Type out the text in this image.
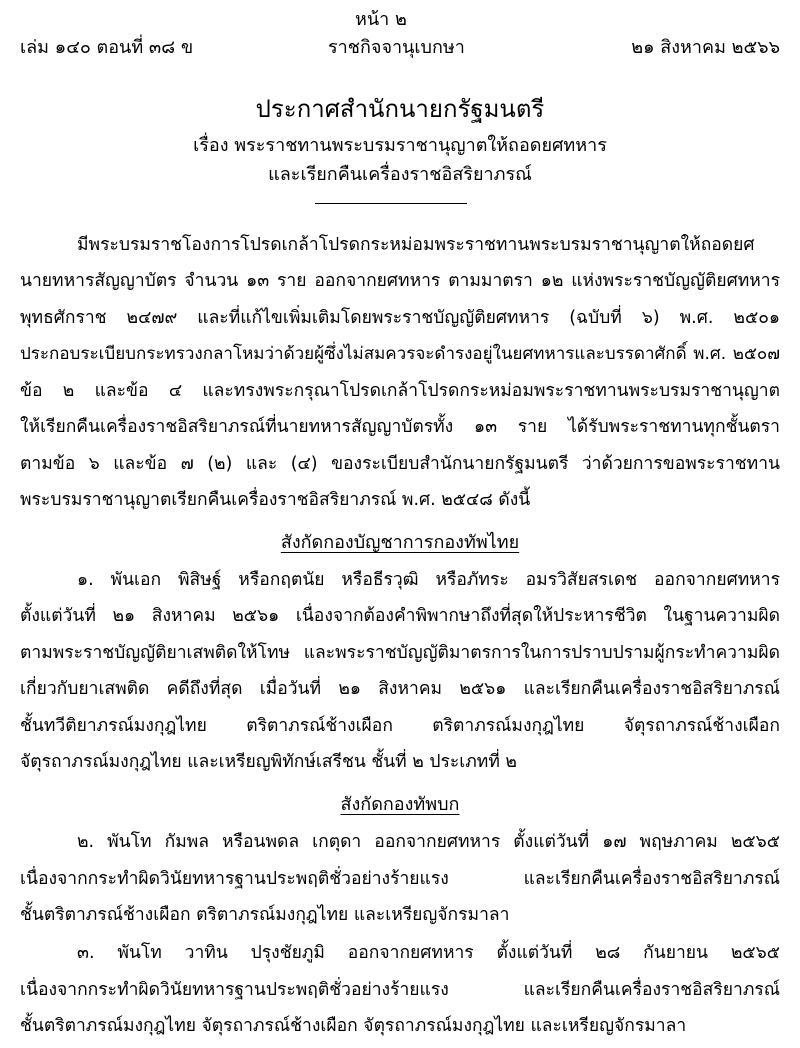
หน้า ๒
เล่ม ๑๔๐ ตอนที่ ๓๘ ข	ราชกิจจานุเบกษา	๒๑ สิงหาคม ๒๕๖๖
ประกาศสำนักนายกรัฐมนตรี
เรื่อง พระราชทานพระบรมราชานุญาตให้ถอดยศทหาร
และเรียกคืนเครื่องราชอิสริยาภรณ์
มีพระบรมราชโองการโปรดเกล้าโปรดกระหม่อมพระราชทานพระบรมราชานุญาตให้ถอดยศ
นายทหารสัญญาบัตร จำนวน ๑๓ ราย ออกจากยศทหาร ตามมาตรา ๑๒ แห่งพระราชบัญญัติยศทหาร
พุทธศักราช ๒๔๗๙ และที่แก้ไขเพิ่มเติมโดยพระราชบัญญัติยศทหาร (ฉบับที่ ๖) พ.ศ. ๒๕๐๑
ประกอบระเบียบกระทรวงกลาโหมว่าด้วยผู้ซึ่งไม่สมควรจะดำรงอยู่ในยศทหารและบรรดาศักดิ์ พ.ศ. ๒๕๐๗
ข้อ ๒ และข้อ ๔ และทรงพระกรุณาโปรดเกล้าโปรดกระหม่อมพระราชทานพระบรมราชานุญาต
ให้เรียกคืนเครื่องราชอิสริยาภรณ์ที่นายทหารสัญญาบัตรทั้ง ๑๓ ราย ได้รับพระราชทานทุกชั้นตรา
ตามข้อ ๖ และข้อ ๗ (๒) และ (๔) ของระเบียบสำนักนายกรัฐมนตรี ว่าด้วยการขอพระราชทาน
พระบรมราชานุญาตเรียกคืนเครื่องราชอิสริยาภรณ์ พ.ศ. ๒๕๔๘ ดังนี้
สังกัดกองบัญชาการกองทัพไทย
๑. พันเอก พิสิษฐ์ หรือกฤตนัย หรือธีรวุฒิ หรือภัทระ อมรวิสัยสรเดช ออกจากยศทหาร
ตั้งแต่วันที่ ๒๑ สิงหาคม ๒๕๖๑ เนื่องจากต้องคำพิพากษาถึงที่สุดให้ประหารชีวิต ในฐานความผิด
ตามพระราชบัญญัติยาเสพติดให้โทษ และพระราชบัญญัติมาตรการในการปราบปรามผู้กระทำความผิด
เกี่ยวกับยาเสพติด คดีถึงที่สุด เมื่อวันที่ ๒๑ สิงหาคม ๒๕๖๑ และเรียกคืนเครื่องราชอิสริยาภรณ์
ชั้นทวีติยาภรณ์มงกุฎไทย ตริตาภรณ์ช้างเผือก ตริตาภรณ์มงกุฎไทย จัตุรถาภรณ์ช้างเผือก
จัตุรถาภรณ์มงกุฎไทย และเหรียญพิทักษ์เสรีชน ชั้นที่ ๒ ประเภทที่ ๒
สังกัดกองทัพบก
๒. พันโท กัมพล หรือนพดล เกตุดา ออกจากยศทหาร ตั้งแต่วันที่ ๑๗ พฤษภาคม ๒๕๖๕
เนื่องจากกระทำผิดวินัยทหารฐานประพฤติชั่วอย่างร้ายแรง และเรียกคืนเครื่องราชอิสริยาภรณ์
ชั้นตริตาภรณ์ช้างเผือก ตริตาภรณ์มงกุฎไทย และเหรียญจักรมาลา
๓. พันโท วาทิน ปรุงชัยภูมิ ออกจากยศทหาร ตั้งแต่วันที่ ๒๘ กันยายน ๒๕๖๕
เนื่องจากกระทำผิดวินัยทหารฐานประพฤติชั่วอย่างร้ายแรง และเรียกคืนเครื่องราชอิสริยาภรณ์
ชั้นตริตาภรณ์มงกุฎไทย จัตุรถาภรณ์ช้างเผือก จัตุรถาภรณ์มงกุฎไทย และเหรียญจักรมาลา
